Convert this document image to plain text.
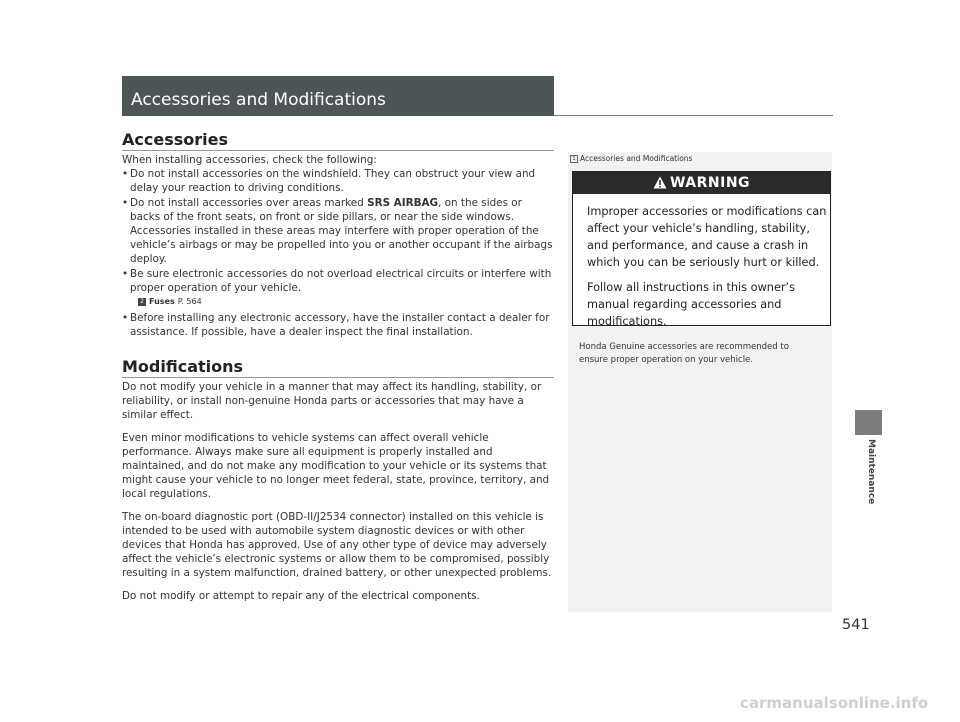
Accessories and Modifications
Accessories

When installing accessories, check the following:

• Do not install accessories on the windshield. They can obstruct your view and delay your reaction to driving conditions.
• Do not install accessories over areas marked SRS AIRBAG, on the sides or backs of the front seats, on front or side pillars, or near the side windows.
Accessories installed in these areas may interfere with proper operation of the vehicle’s airbags or may be propelled into you or another occupant if the airbags deploy.
• Be sure electronic accessories do not overload electrical circuits or interfere with proper operation of your vehicle.
2 Fuses P. 564
• Before installing any electronic accessory, have the installer contact a dealer for assistance. If possible, have a dealer inspect the final installation.
Modifications

Do not modify your vehicle in a manner that may affect its handling, stability, or reliability, or install non-genuine Honda parts or accessories that may have a similar effect.

Even minor modifications to vehicle systems can affect overall vehicle performance. Always make sure all equipment is properly installed and maintained, and do not make any modification to your vehicle or its systems that might cause your vehicle to no longer meet federal, state, province, territory, and local regulations.

The on-board diagnostic port (OBD-II/J2534 connector) installed on this vehicle is intended to be used with automobile system diagnostic devices or with other devices that Honda has approved. Use of any other type of device may adversely affect the vehicle’s electronic systems or allow them to be compromised, possibly resulting in a system malfunction, drained battery, or other unexpected problems.

Do not modify or attempt to repair any of the electrical components.

1 Accessories and Modifications
WARNING

Improper accessories or modifications can affect your vehicle’s handling, stability, and performance, and cause a crash in which you can be seriously hurt or killed.

Follow all instructions in this owner’s manual regarding accessories and modifications.

Honda Genuine accessories are recommended to ensure proper operation on your vehicle.
Maintenance
541
carmanualsonline.info
